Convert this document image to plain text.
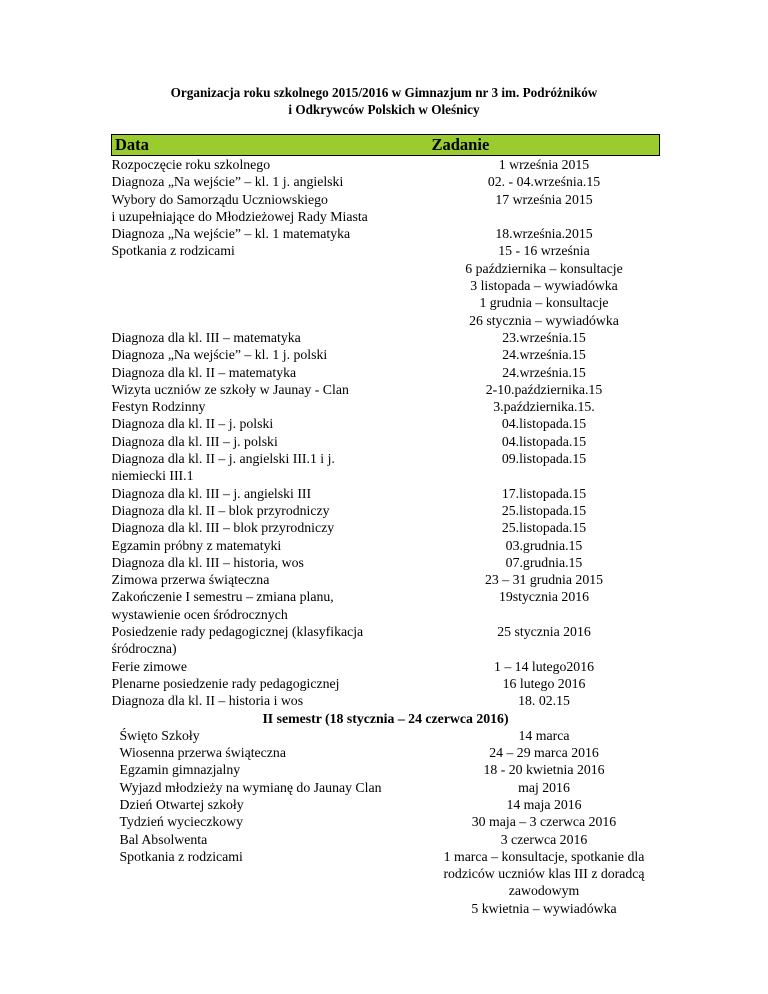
Organizacja roku szkolnego 2015/2016 w Gimnazjum nr 3 im. Podróżników
i Odkrywców Polskich w Oleśnicy
Data	Zadanie

Rozpoczęcie roku szkolnego	1 września 2015

Diagnoza „Na wejście” – kl. 1 j. angielski	02. - 04.września.15

Wybory do Samorządu Uczniowskiego
i uzupełniające do Młodzieżowej Rady Miasta	17 września 2015

Diagnoza „Na wejście” – kl. 1 matematyka	18.września.2015

Spotkania z rodzicami	15 - 16 września
6 października – konsultacje
3 listopada – wywiadówka
1 grudnia – konsultacje
26 stycznia – wywiadówka

Diagnoza dla kl. III – matematyka	23.września.15

Diagnoza „Na wejście” – kl. 1 j. polski	24.września.15

Diagnoza dla kl. II – matematyka	24.września.15

Wizyta uczniów ze szkoły w Jaunay - Clan	2-10.października.15

Festyn Rodzinny	3.października.15.

Diagnoza dla kl. II – j. polski	04.listopada.15

Diagnoza dla kl. III – j. polski	04.listopada.15

Diagnoza dla kl. II – j. angielski III.1 i j.
niemiecki III.1	09.listopada.15

Diagnoza dla kl. III – j. angielski III	17.listopada.15

Diagnoza dla kl. II – blok przyrodniczy	25.listopada.15

Diagnoza dla kl. III – blok przyrodniczy	25.listopada.15

Egzamin próbny z matematyki	03.grudnia.15

Diagnoza dla kl. III – historia, wos	07.grudnia.15

Zimowa przerwa świąteczna	23 – 31 grudnia 2015

Zakończenie I semestru – zmiana planu,
wystawienie ocen śródrocznych	19stycznia 2016

Posiedzenie rady pedagogicznej (klasyfikacja
śródroczna)	25 stycznia 2016

Ferie zimowe	1 – 14 lutego2016

Plenarne posiedzenie rady pedagogicznej	16 lutego 2016

Diagnoza dla kl. II – historia i wos	18. 02.15

II semestr (18 stycznia – 24 czerwca 2016)	

Święto Szkoły	14 marca

Wiosenna przerwa świąteczna	24 – 29 marca 2016

Egzamin gimnazjalny	18 - 20 kwietnia 2016

Wyjazd młodzieży na wymianę do Jaunay Clan	maj 2016

Dzień Otwartej szkoły	14 maja 2016

Tydzień wycieczkowy	30 maja – 3 czerwca 2016

Bal Absolwenta	3 czerwca 2016

Spotkania z rodzicami	1 marca – konsultacje, spotkanie dla
rodziców uczniów klas III z doradcą
zawodowym
5 kwietnia – wywiadówka
